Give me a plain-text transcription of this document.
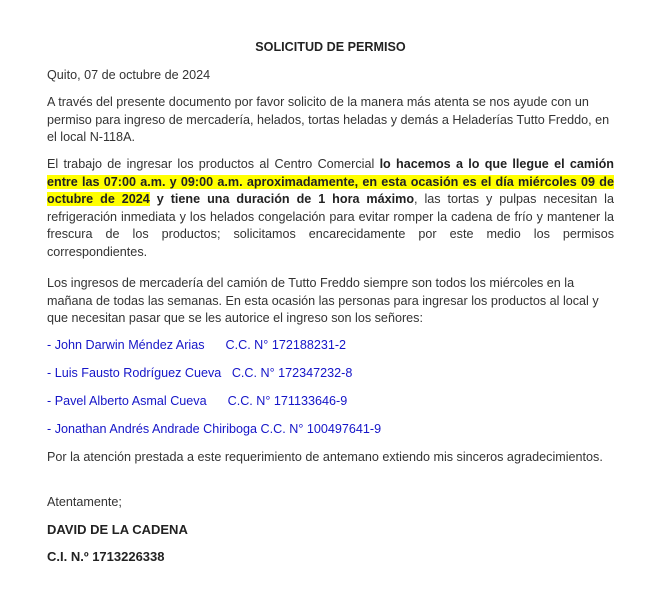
SOLICITUD DE PERMISO

Quito, 07 de octubre de 2024

A través del presente documento por favor solicito de la manera más atenta se nos ayude con un permiso para ingreso de mercadería, helados, tortas heladas y demás a Heladerías Tutto Freddo, en el local N-118A.

El trabajo de ingresar los productos al Centro Comercial lo hacemos a lo que llegue el camión entre las 07:00 a.m. y 09:00 a.m. aproximadamente, en esta ocasión es el día miércoles 09 de octubre de 2024 y tiene una duración de 1 hora máximo, las tortas y pulpas necesitan la refrigeración inmediata y los helados congelación para evitar romper la cadena de frío y mantener la frescura de los productos; solicitamos encarecidamente por este medio los permisos correspondientes.

Los ingresos de mercadería del camión de Tutto Freddo siempre son todos los miércoles en la mañana de todas las semanas. En esta ocasión las personas para ingresar los productos al local y que necesitan pasar que se les autorice el ingreso son los señores:

- John Darwin Méndez Arias C.C. N° 172188231-2
- Luis Fausto Rodríguez Cueva C.C. N° 172347232-8
- Pavel Alberto Asmal Cueva C.C. N° 171133646-9
- Jonathan Andrés Andrade Chiriboga C.C. N° 100497641-9

Por la atención prestada a este requerimiento de antemano extiendo mis sinceros agradecimientos.

Atentamente;

DAVID DE LA CADENA

C.I. N.º 1713226338
